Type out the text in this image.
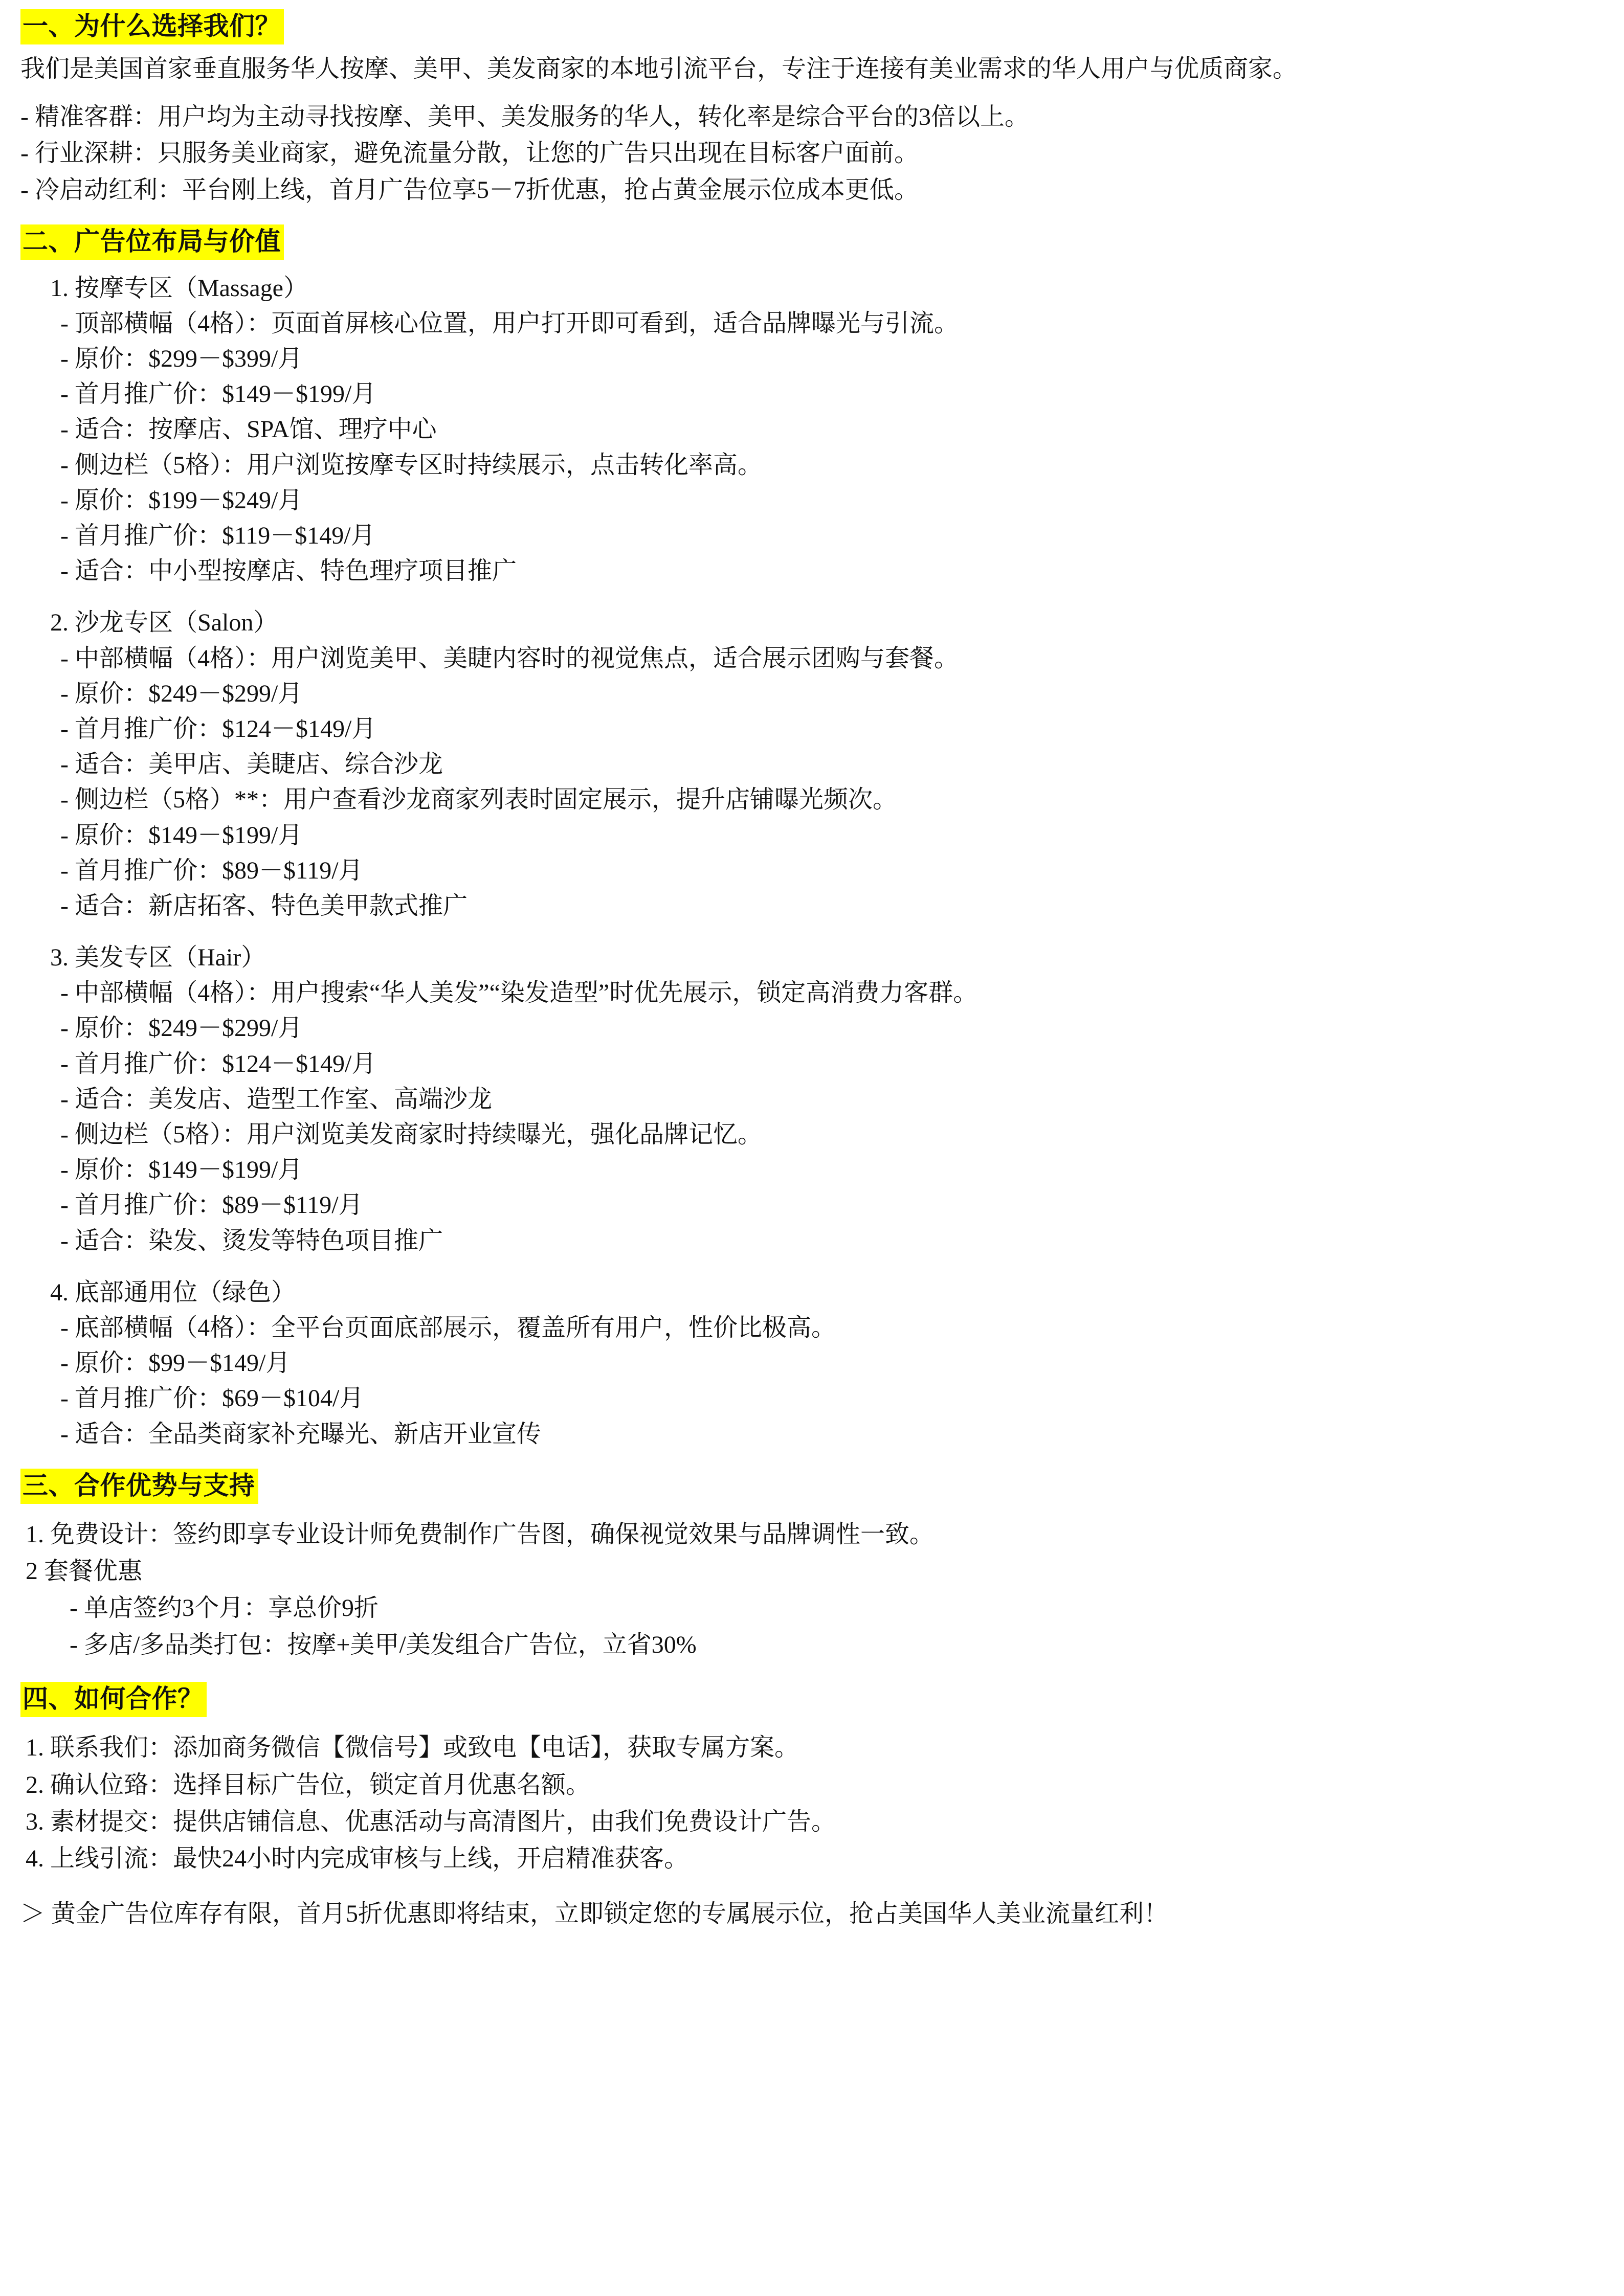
一、为什么选择我们？

我们是美国首家垂直服务华人按摩、美甲、美发商家的本地引流平台，专注于连接有美业需求的华人用户与优质商家。

- 精准客群：用户均为主动寻找按摩、美甲、美发服务的华人，转化率是综合平台的3倍以上。

- 行业深耕：只服务美业商家，避免流量分散，让您的广告只出现在目标客户面前。

- 冷启动红利：平台刚上线，首月广告位享5－7折优惠，抢占黄金展示位成本更低。

二、广告位布局与价值

1. 按摩专区（Massage）

- 顶部横幅（4格）：页面首屏核心位置，用户打开即可看到，适合品牌曝光与引流。

- 原价：$299－$399/月

- 首月推广价：$149－$199/月

- 适合：按摩店、SPA馆、理疗中心

- 侧边栏（5格）：用户浏览按摩专区时持续展示，点击转化率高。

- 原价：$199－$249/月

- 首月推广价：$119－$149/月

- 适合：中小型按摩店、特色理疗项目推广

2. 沙龙专区（Salon）

- 中部横幅（4格）：用户浏览美甲、美睫内容时的视觉焦点，适合展示团购与套餐。

- 原价：$249－$299/月

- 首月推广价：$124－$149/月

- 适合：美甲店、美睫店、综合沙龙

- 侧边栏（5格）**：用户查看沙龙商家列表时固定展示，提升店铺曝光频次。

- 原价：$149－$199/月

- 首月推广价：$89－$119/月

- 适合：新店拓客、特色美甲款式推广

3. 美发专区（Hair）

- 中部横幅（4格）：用户搜索“华人美发”“染发造型”时优先展示，锁定高消费力客群。

- 原价：$249－$299/月

- 首月推广价：$124－$149/月

- 适合：美发店、造型工作室、高端沙龙

- 侧边栏（5格）：用户浏览美发商家时持续曝光，强化品牌记忆。

- 原价：$149－$199/月

- 首月推广价：$89－$119/月

- 适合：染发、烫发等特色项目推广

4. 底部通用位（绿色）

- 底部横幅（4格）：全平台页面底部展示，覆盖所有用户，性价比极高。

- 原价：$99－$149/月

- 首月推广价：$69－$104/月

- 适合：全品类商家补充曝光、新店开业宣传

三、合作优势与支持

1. 免费设计：签约即享专业设计师免费制作广告图，确保视觉效果与品牌调性一致。

2 套餐优惠

- 单店签约3个月：享总价9折

- 多店/多品类打包：按摩+美甲/美发组合广告位，立省30%

四、如何合作？

1. 联系我们：添加商务微信【微信号】或致电【电话】，获取专属方案。

2. 确认位臵：选择目标广告位，锁定首月优惠名额。

3. 素材提交：提供店铺信息、优惠活动与高清图片，由我们免费设计广告。

4. 上线引流：最快24小时内完成审核与上线，开启精准获客。

＞ 黄金广告位库存有限，首月5折优惠即将结束，立即锁定您的专属展示位，抢占美国华人美业流量红利！
